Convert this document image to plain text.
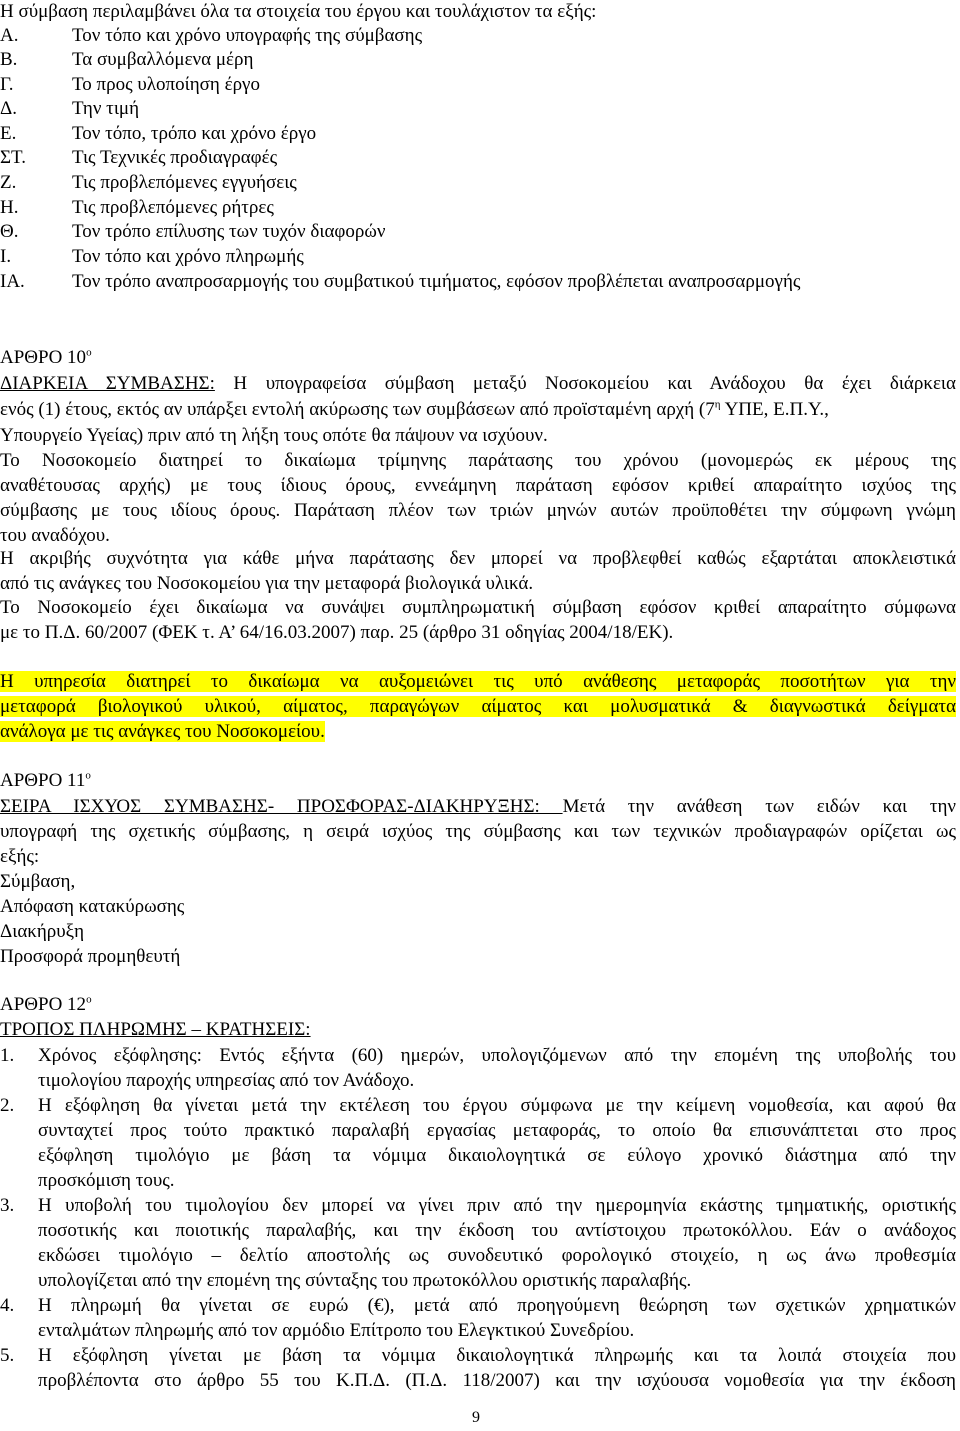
Η σύμβαση περιλαμβάνει όλα τα στοιχεία του έργου και τουλάχιστον τα εξής:
Α.	Τον τόπο και χρόνο υπογραφής της σύμβασης
Β.	Τα συμβαλλόμενα μέρη
Γ.	Το προς υλοποίηση έργο
Δ.	Την τιμή
Ε.	Τον τόπο, τρόπο και χρόνο έργο
ΣΤ. Τις Τεχνικές προδιαγραφές
Ζ.	Τις προβλεπόμενες εγγυήσεις
Η.	Τις προβλεπόμενες ρήτρες
Θ.	Τον τρόπο επίλυσης των τυχόν διαφορών
Ι.	Τον τόπο και χρόνο πληρωμής
ΙΑ. Τον τρόπο αναπροσαρμογής του συμβατικού τιμήματος, εφόσον προβλέπεται αναπροσαρμογής
ΑΡΘΡΟ $10^o$
ΔΙΑΡΚΕΙΑ ΣΥΜΒΑΣΗΣ: Η υπογραφείσα σύμβαση μεταξύ Νοσοκομείου και Ανάδοχου θα έχει διάρκεια
ενός (1) έτους, εκτός αν υπάρξει εντολή ακύρωσης των συμβάσεων από προϊσταμένη αρχή ($7^\eta$ ΥΠΕ, Ε.Π.Υ.,
Υπουργείο Υγείας) πριν από τη λήξη τους οπότε θα πάψουν να ισχύουν.
Το Νοσοκομείο διατηρεί το δικαίωμα τρίμηνης παράτασης του χρόνου (μονομερώς εκ μέρους της
αναθέτουσας αρχής) με τους ίδιους όρους, εννεάμηνη παράταση εφόσον κριθεί απαραίτητο ισχύος της
σύμβασης με τους ιδίους όρους. Παράταση πλέον των τριών μηνών αυτών προϋποθέτει την σύμφωνη γνώμη
του αναδόχου.
Η ακριβής συχνότητα για κάθε μήνα παράτασης δεν μπορεί να προβλεφθεί καθώς εξαρτάται αποκλειστικά
από τις ανάγκες του Νοσοκομείου για την μεταφορά βιολογικά υλικά.
Το Νοσοκομείο έχει δικαίωμα να συνάψει συμπληρωματική σύμβαση εφόσον κριθεί απαραίτητο σύμφωνα
με το Π.Δ. 60/2007 (ΦΕΚ τ. Α’ 64/16.03.2007) παρ. 25 (άρθρο 31 οδηγίας 2004/18/ΕΚ).
Η υπηρεσία διατηρεί το δικαίωμα να αυξομειώνει τις υπό ανάθεσης μεταφοράς ποσοτήτων για την
μεταφορά βιολογικού υλικού, αίματος, παραγώγων αίματος και μολυσματικά & διαγνωστικά δείγματα
ανάλογα με τις ανάγκες του Νοσοκομείου.
ΑΡΘΡΟ $11^o$
ΣΕΙΡΑ ΙΣΧΥΟΣ ΣΥΜΒΑΣΗΣ- ΠΡΟΣΦΟΡΑΣ-ΔΙΑΚΗΡΥΞΗΣ: Μετά την ανάθεση των ειδών και την
υπογραφή της σχετικής σύμβασης, η σειρά ισχύος της σύμβασης και των τεχνικών προδιαγραφών ορίζεται ως
εξής:
Σύμβαση,
Απόφαση κατακύρωσης
Διακήρυξη
Προσφορά προμηθευτή
ΑΡΘΡΟ $12^o$
ΤΡΟΠΟΣ ΠΛΗΡΩΜΗΣ – ΚΡΑΤΗΣΕΙΣ:
1. Χρόνος εξόφλησης: Εντός εξήντα (60) ημερών, υπολογιζόμενων από την επομένη της υποβολής του
τιμολογίου παροχής υπηρεσίας από τον Ανάδοχο.
2. Η εξόφληση θα γίνεται μετά την εκτέλεση του έργου σύμφωνα με την κείμενη νομοθεσία, και αφού θα
συνταχτεί προς τούτο πρακτικό παραλαβή εργασίας μεταφοράς, το οποίο θα επισυνάπτεται στο προς
εξόφληση τιμολόγιο με βάση τα νόμιμα δικαιολογητικά σε εύλογο χρονικό διάστημα από την
προσκόμιση τους.
3. Η υποβολή του τιμολογίου δεν μπορεί να γίνει πριν από την ημερομηνία εκάστης τμηματικής, οριστικής
ποσοτικής και ποιοτικής παραλαβής, και την έκδοση του αντίστοιχου πρωτοκόλλου. Εάν ο ανάδοχος
εκδώσει τιμολόγιο – δελτίο αποστολής ως συνοδευτικό φορολογικό στοιχείο, η ως άνω προθεσμία
υπολογίζεται από την επομένη της σύνταξης του πρωτοκόλλου οριστικής παραλαβής.
4. Η πληρωμή θα γίνεται σε ευρώ (€), μετά από προηγούμενη θεώρηση των σχετικών χρηματικών
ενταλμάτων πληρωμής από τον αρμόδιο Επίτροπο του Ελεγκτικού Συνεδρίου.
5. Η εξόφληση γίνεται με βάση τα νόμιμα δικαιολογητικά πληρωμής και τα λοιπά στοιχεία που
προβλέποντα στο άρθρο 55 του Κ.Π.Δ. (Π.Δ. 118/2007) και την ισχύουσα νομοθεσία για την έκδοση
9
